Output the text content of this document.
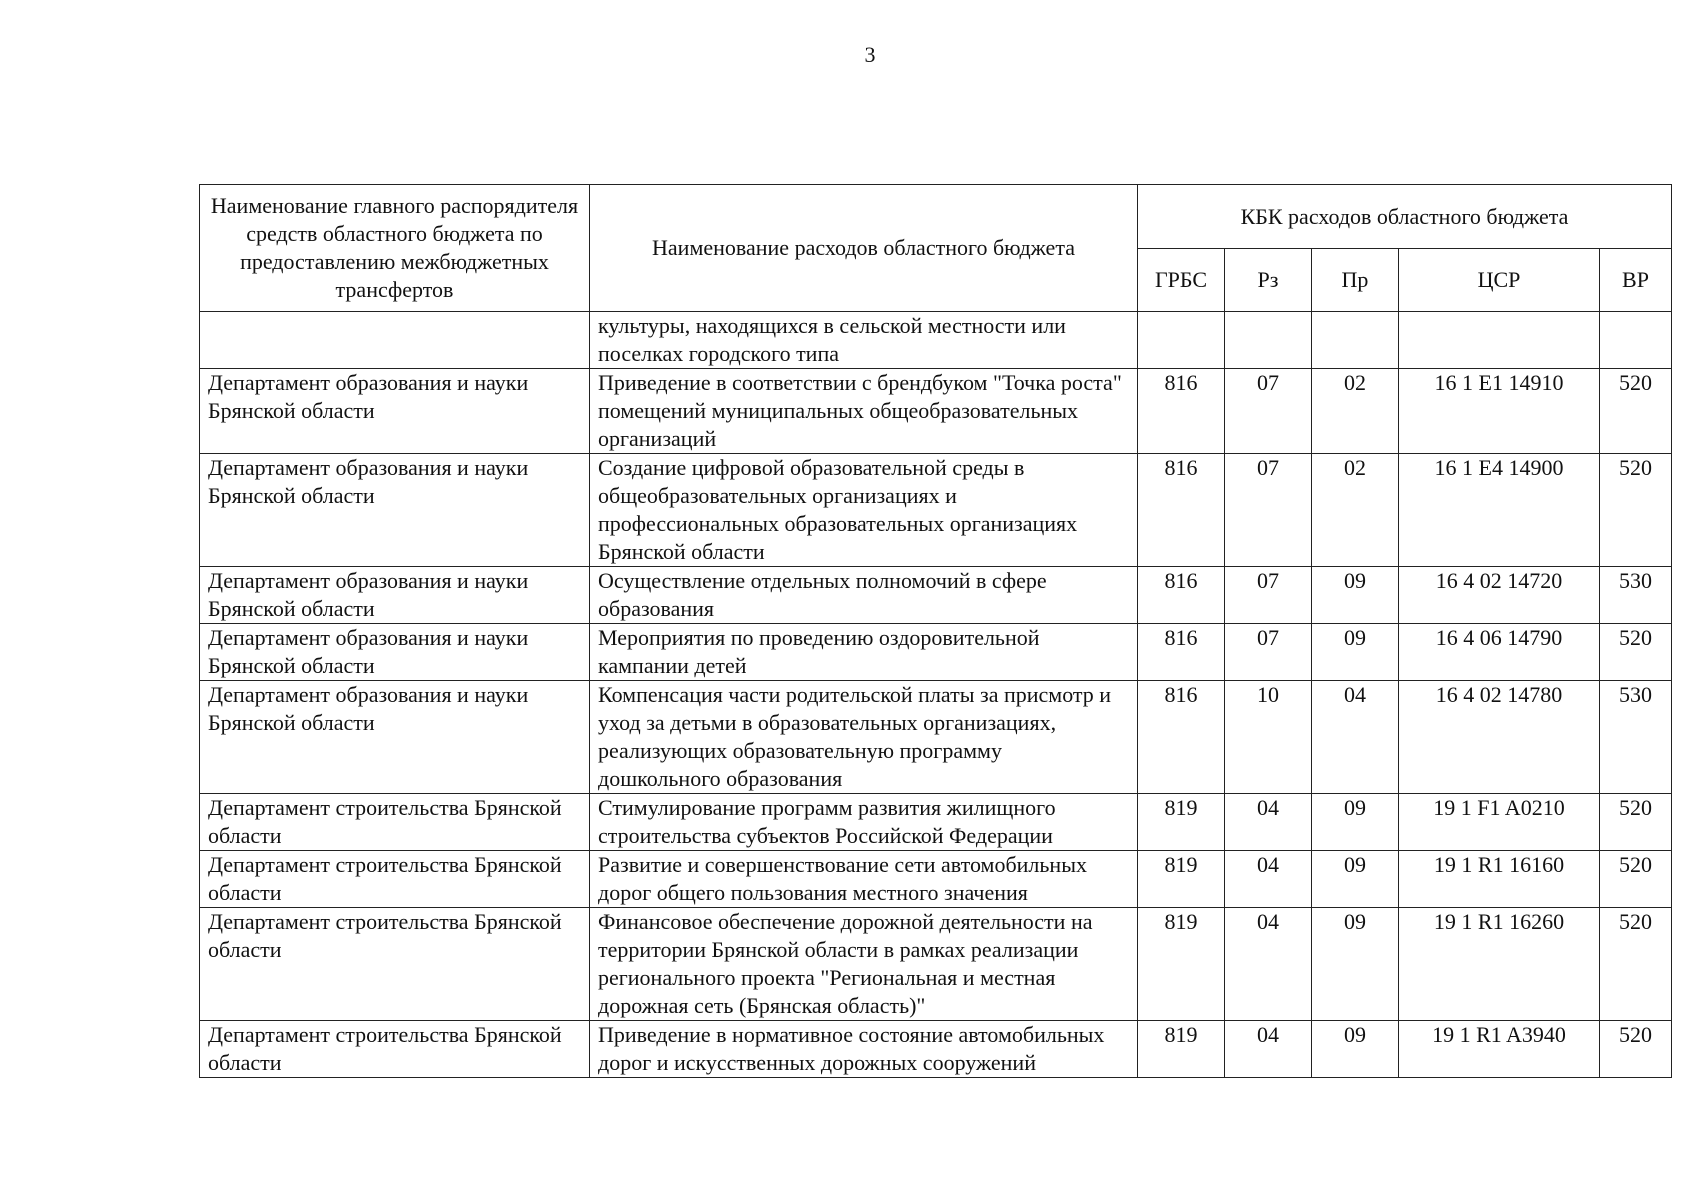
3
Наименование главного распорядителя средств областного бюджета по предоставлению межбюджетных трансфертов	Наименование расходов областного бюджета	КБК расходов областного бюджета				
		ГРБС	Рз	Пр	ЦСР	ВР
	культуры, находящихся в сельской местности или поселках городского типа					
Департамент образования и науки Брянской области	Приведение в соответствии с брендбуком "Точка роста" помещений муниципальных общеобразовательных организаций	816	07	02	16 1 E1 14910	520
Департамент образования и науки Брянской области	Создание цифровой образовательной среды в общеобразовательных организациях и профессиональных образовательных организациях Брянской области	816	07	02	16 1 E4 14900	520
Департамент образования и науки Брянской области	Осуществление отдельных полномочий в сфере образования	816	07	09	16 4 02 14720	530
Департамент образования и науки Брянской области	Мероприятия по проведению оздоровительной кампании детей	816	07	09	16 4 06 14790	520
Департамент образования и науки Брянской области	Компенсация части родительской платы за присмотр и уход за детьми в образовательных организациях, реализующих образовательную программу дошкольного образования	816	10	04	16 4 02 14780	530
Департамент строительства Брянской области	Стимулирование программ развития жилищного строительства субъектов Российской Федерации	819	04	09	19 1 F1 A0210	520
Департамент строительства Брянской области	Развитие и совершенствование сети автомобильных дорог общего пользования местного значения	819	04	09	19 1 R1 16160	520
Департамент строительства Брянской области	Финансовое обеспечение дорожной деятельности на территории Брянской области в рамках реализации регионального проекта "Региональная и местная дорожная сеть (Брянская область)"	819	04	09	19 1 R1 16260	520
Департамент строительства Брянской области	Приведение в нормативное состояние автомобильных дорог и искусственных дорожных сооружений	819	04	09	19 1 R1 A3940	520
